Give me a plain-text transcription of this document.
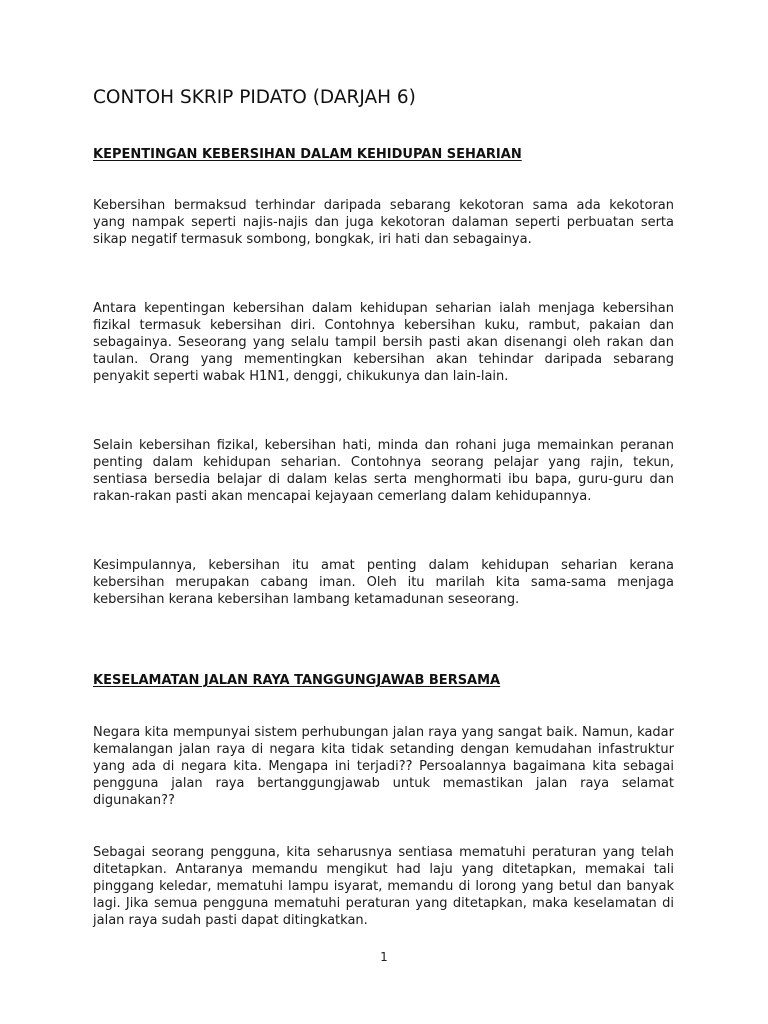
CONTOH SKRIP PIDATO (DARJAH 6)
KEPENTINGAN KEBERSIHAN DALAM KEHIDUPAN SEHARIAN

Kebersihan bermaksud terhindar daripada sebarang kekotoran sama ada kekotoran yang nampak seperti najis-najis dan juga kekotoran dalaman seperti perbuatan serta sikap negatif termasuk sombong, bongkak, iri hati dan sebagainya.

Antara kepentingan kebersihan dalam kehidupan seharian ialah menjaga kebersihan fizikal termasuk kebersihan diri. Contohnya kebersihan kuku, rambut, pakaian dan sebagainya. Seseorang yang selalu tampil bersih pasti akan disenangi oleh rakan dan taulan. Orang yang mementingkan kebersihan akan tehindar daripada sebarang penyakit seperti wabak H1N1, denggi, chikukunya dan lain-lain.

Selain kebersihan fizikal, kebersihan hati, minda dan rohani juga memainkan peranan penting dalam kehidupan seharian. Contohnya seorang pelajar yang rajin, tekun, sentiasa bersedia belajar di dalam kelas serta menghormati ibu bapa, guru-guru dan rakan-rakan pasti akan mencapai kejayaan cemerlang dalam kehidupannya.

Kesimpulannya, kebersihan itu amat penting dalam kehidupan seharian kerana kebersihan merupakan cabang iman. Oleh itu marilah kita sama-sama menjaga kebersihan kerana kebersihan lambang ketamadunan seseorang.

KESELAMATAN JALAN RAYA TANGGUNGJAWAB BERSAMA

Negara kita mempunyai sistem perhubungan jalan raya yang sangat baik. Namun, kadar kemalangan jalan raya di negara kita tidak setanding dengan kemudahan infastruktur yang ada di negara kita. Mengapa ini terjadi?? Persoalannya bagaimana kita sebagai pengguna jalan raya bertanggungjawab untuk memastikan jalan raya selamat digunakan??

Sebagai seorang pengguna, kita seharusnya sentiasa mematuhi peraturan yang telah ditetapkan. Antaranya memandu mengikut had laju yang ditetapkan, memakai tali pinggang keledar, mematuhi lampu isyarat, memandu di lorong yang betul dan banyak lagi. Jika semua pengguna mematuhi peraturan yang ditetapkan, maka keselamatan di jalan raya sudah pasti dapat ditingkatkan.

1
